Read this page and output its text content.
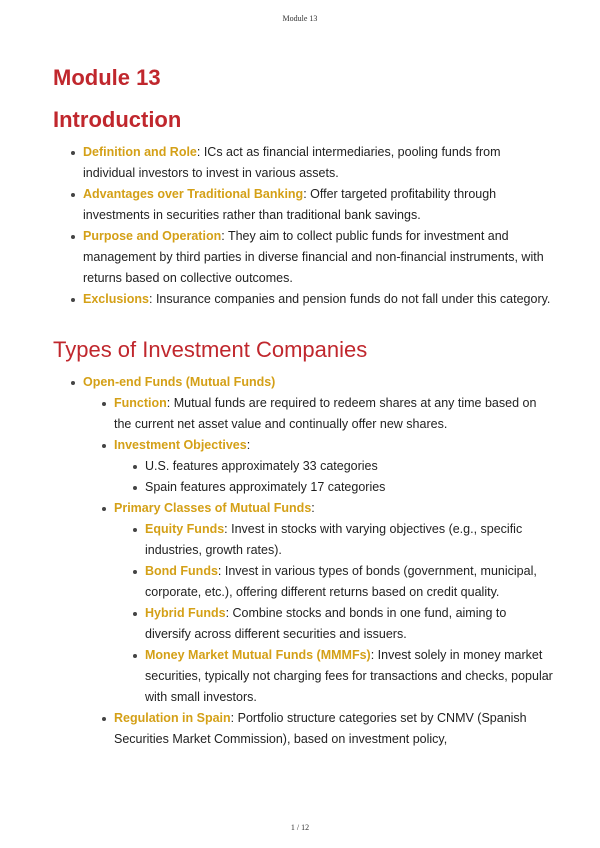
Module 13
Module 13
Introduction
Definition and Role: ICs act as financial intermediaries, pooling funds from individual investors to invest in various assets.
Advantages over Traditional Banking: Offer targeted profitability through investments in securities rather than traditional bank savings.
Purpose and Operation: They aim to collect public funds for investment and management by third parties in diverse financial and non-financial instruments, with returns based on collective outcomes.
Exclusions: Insurance companies and pension funds do not fall under this category.
Types of Investment Companies
Open-end Funds (Mutual Funds)
Function: Mutual funds are required to redeem shares at any time based on the current net asset value and continually offer new shares.
Investment Objectives:
U.S. features approximately 33 categories
Spain features approximately 17 categories
Primary Classes of Mutual Funds:
Equity Funds: Invest in stocks with varying objectives (e.g., specific industries, growth rates).
Bond Funds: Invest in various types of bonds (government, municipal, corporate, etc.), offering different returns based on credit quality.
Hybrid Funds: Combine stocks and bonds in one fund, aiming to diversify across different securities and issuers.
Money Market Mutual Funds (MMMFs): Invest solely in money market securities, typically not charging fees for transactions and checks, popular with small investors.
Regulation in Spain: Portfolio structure categories set by CNMV (Spanish Securities Market Commission), based on investment policy,
1 / 12
